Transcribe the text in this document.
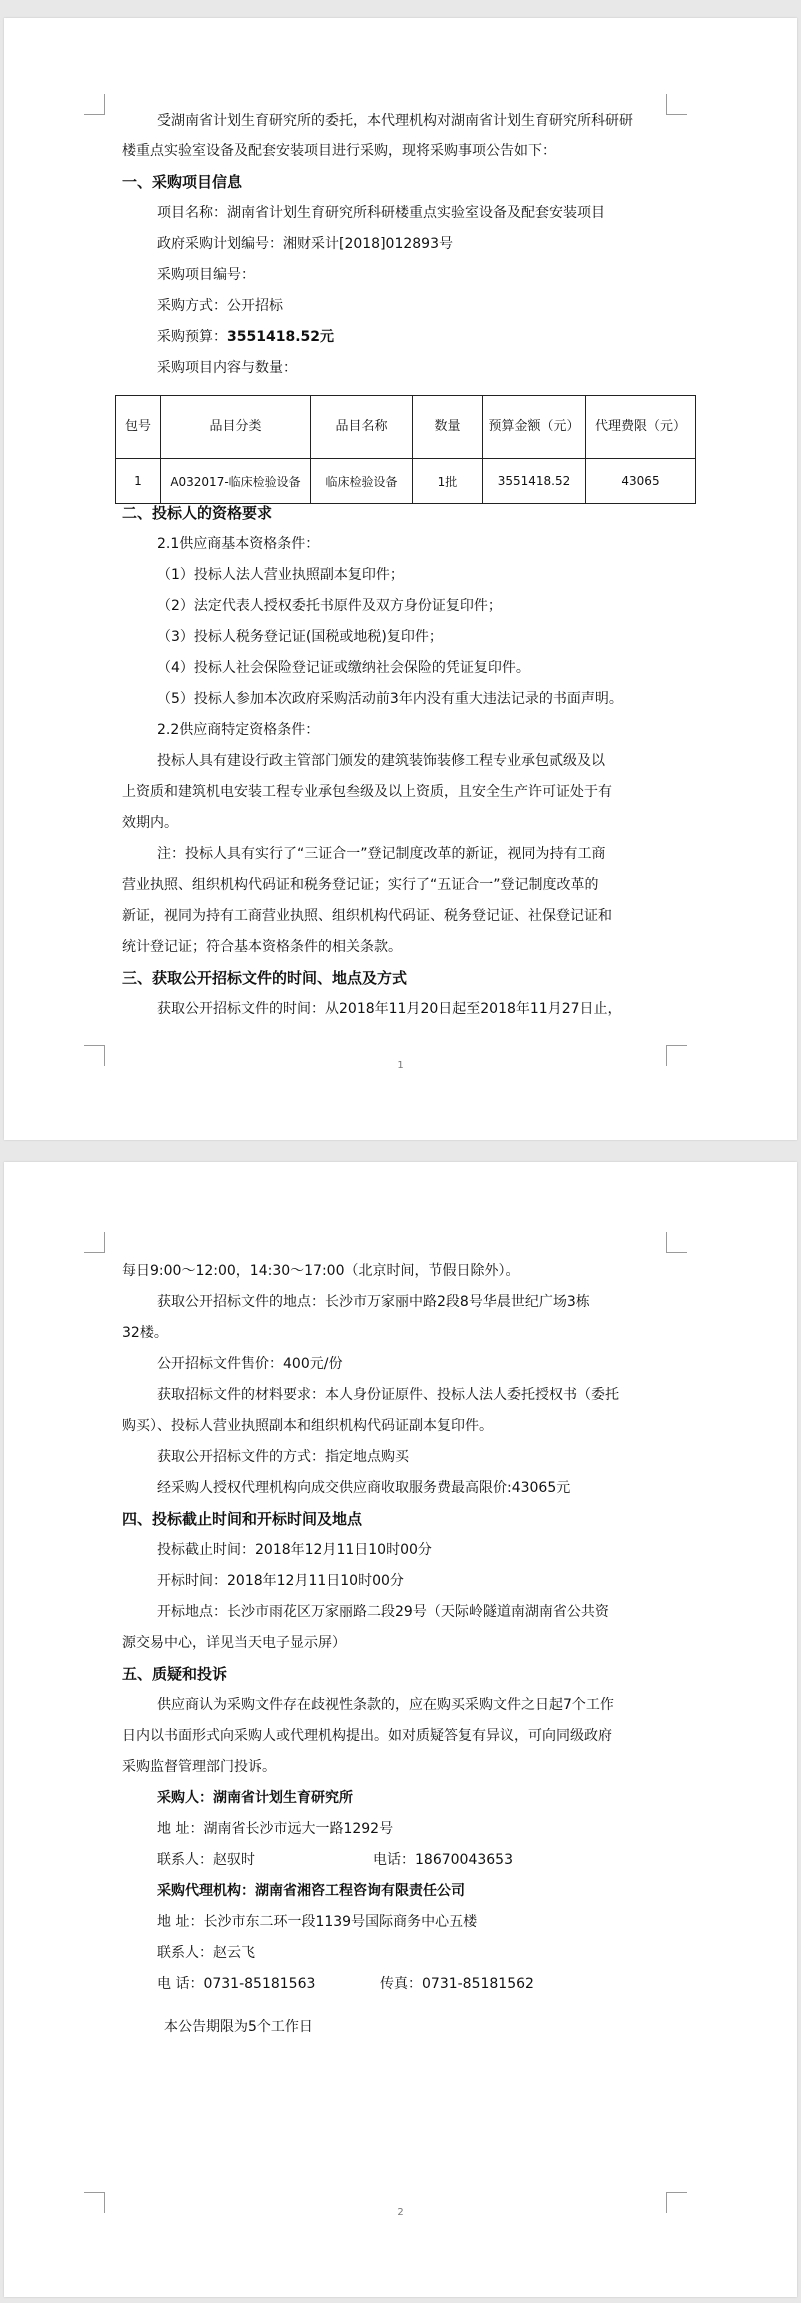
受湖南省计划生育研究所的委托，本代理机构对湖南省计划生育研究所科研研
楼重点实验室设备及配套安装项目进行采购，现将采购事项公告如下：
一、采购项目信息
项目名称：湖南省计划生育研究所科研楼重点实验室设备及配套安装项目
政府采购计划编号：湘财采计[2018]012893号
采购项目编号：
采购方式：公开招标
采购预算：3551418.52元
采购项目内容与数量：
包号	品目分类	品目名称	数量	预算金额（元）	代理费限（元）
1	A032017-临床检验设备	临床检验设备	1批	3551418.52	43065
二、投标人的资格要求
2.1供应商基本资格条件：
（1）投标人法人营业执照副本复印件；
（2）法定代表人授权委托书原件及双方身份证复印件；
（3）投标人税务登记证(国税或地税)复印件；
（4）投标人社会保险登记证或缴纳社会保险的凭证复印件。
（5）投标人参加本次政府采购活动前3年内没有重大违法记录的书面声明。
2.2供应商特定资格条件：
投标人具有建设行政主管部门颁发的建筑装饰装修工程专业承包贰级及以
上资质和建筑机电安装工程专业承包叁级及以上资质，且安全生产许可证处于有
效期内。
注：投标人具有实行了“三证合一”登记制度改革的新证，视同为持有工商
营业执照、组织机构代码证和税务登记证；实行了“五证合一”登记制度改革的
新证，视同为持有工商营业执照、组织机构代码证、税务登记证、社保登记证和
统计登记证；符合基本资格条件的相关条款。
三、获取公开招标文件的时间、地点及方式
获取公开招标文件的时间：从2018年11月20日起至2018年11月27日止，
1
每日9:00～12:00，14:30～17:00（北京时间，节假日除外）。
获取公开招标文件的地点：长沙市万家丽中路2段8号华晨世纪广场3栋
32楼。
公开招标文件售价：400元/份
获取招标文件的材料要求：本人身份证原件、投标人法人委托授权书（委托
购买）、投标人营业执照副本和组织机构代码证副本复印件。
获取公开招标文件的方式：指定地点购买
经采购人授权代理机构向成交供应商收取服务费最高限价:43065元
四、投标截止时间和开标时间及地点
投标截止时间：2018年12月11日10时00分
开标时间：2018年12月11日10时00分
开标地点：长沙市雨花区万家丽路二段29号（天际岭隧道南湖南省公共资
源交易中心，详见当天电子显示屏）
五、质疑和投诉
供应商认为采购文件存在歧视性条款的，应在购买采购文件之日起7个工作
日内以书面形式向采购人或代理机构提出。如对质疑答复有异议，可向同级政府
采购监督管理部门投诉。
采购人：湖南省计划生育研究所
地 址：湖南省长沙市远大一路1292号
联系人：赵驭时	电话：18670043653
采购代理机构：湖南省湘咨工程咨询有限责任公司
地 址：长沙市东二环一段1139号国际商务中心五楼
联系人：赵云飞
电 话：0731-85181563	传真：0731-85181562
本公告期限为5个工作日
2
